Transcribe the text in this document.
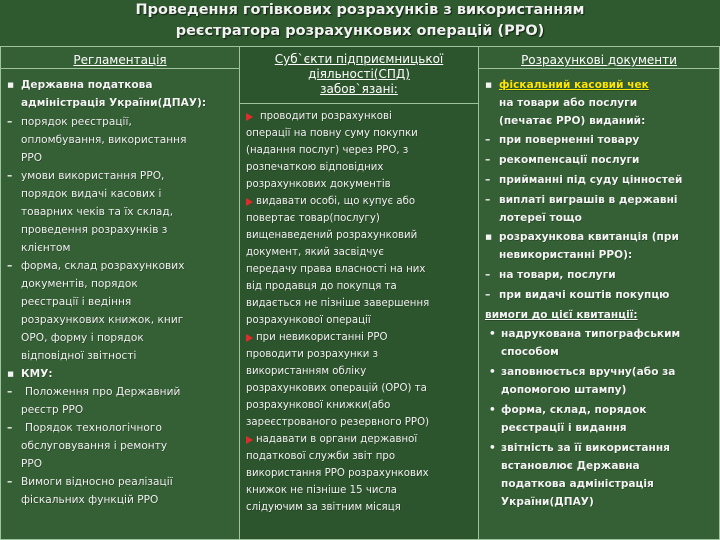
Проведення готівкових розрахунків з використанням
реєстратора розрахункових операцій (РРО)
Регламентація
▪ Державна податкова
адміністрація України(ДПАУ):
– порядок реєстрації,
опломбування, використання
РРО
– умови використання РРО,
порядок видачі касових і
товарних чеків та їх склад,
проведення розрахунків з
клієнтом
– форма, склад розрахункових
документів, порядок
реєстрації і ведіння
розрахункових книжок, книг
ОРО, форму і порядок
відповідної звітності
▪ КМУ:
– Положення про Державний
реєстр РРО
– Порядок технологічного
обслуговування і ремонту
РРО
– Вимоги відносно реалізації
фіскальних функцій РРО
Суб`єкти підприємницької
діяльності(СПД)
забов`язані:
проводити розрахункові
операції на повну суму покупки
(надання послуг) через РРО, з
розпечаткою відповідних
розрахункових документів
видавати особі, що купує або
повертає товар(послугу)
вищенаведений розрахунковий
документ, який засвідчує
передачу права власності на них
від продавця до покупця та
видається не пізніше завершення
розрахункової операції
при невикористанні РРО
проводити розрахунки з
використанням обліку
розрахункових операцій (ОРО) та
розрахункової книжки(або
зареєстрованого резервного РРО)
надавати в органи державної
податкової служби звіт про
використання РРО розрахункових
книжок не пізніше 15 числа
слідуючим за звітним місяця
Розрахункові документи
▪ фіскальний касовий чек
на товари або послуги
(печатає РРО) виданий:
– при поверненні товару
– рекомпенсації послуги
– прийманні під суду цінностей
– виплаті виграшів в державні
лотереї тощо
▪ розрахункова квитанція (при
невикористанні РРО):
– на товари, послуги
– при видачі коштів покупцю
вимоги до цієї квитанції:
• надрукована типографським
способом
• заповнюється вручну(або за
допомогою штампу)
• форма, склад, порядок
реєстрації і видання
• звітність за її використання
встановлює Державна
податкова адміністрація
України(ДПАУ)
